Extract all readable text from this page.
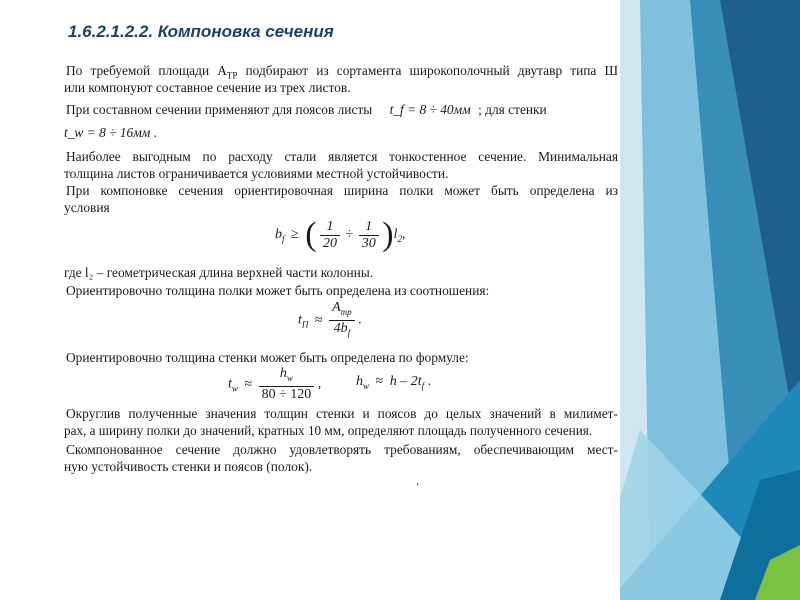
1.6.2.1.2.2. Компоновка сечения
По требуемой площади $A_{ТР}$ подбирают из сортамента широкополочный двутавр типа Ш
или компонуют составное сечение из трех листов.
При составном сечении применяют для поясов листы t_f = 8 ÷ 40мм ; для стенки
t_w = 8 ÷ 16мм .
Наиболее выгодным по расходу стали является тонкостенное сечение. Минимальная
толщина листов ограничивается условиями местной устойчивости.
При компоновке сечения ориентировочная ширина полки может быть определена из
условия
$b_f$ ≥ ( $\frac{1}{20} \div \frac{1}{30} )l_2$,
где l₂ – геометрическая длина верхней части колонны.
Ориентировочно толщина полки может быть определена из соотношения:
$t_П \approx \frac{A_{тр}}{4b_f}$ .
Ориентировочно толщина стенки может быть определена по формуле:
$t_w \approx \frac{h_w}{80 \div 120}$ , $h_w \approx h - 2t_f$ .
Округлив полученные значения толщин стенки и поясов до целых значений в милимет-
рах, а ширину полки до значений, кратных 10 мм, определяют площадь полученного сечения.
Скомпонованное сечение должно удовлетворять требованиям, обеспечивающим мест-
ную устойчивость стенки и поясов (полок).
.
